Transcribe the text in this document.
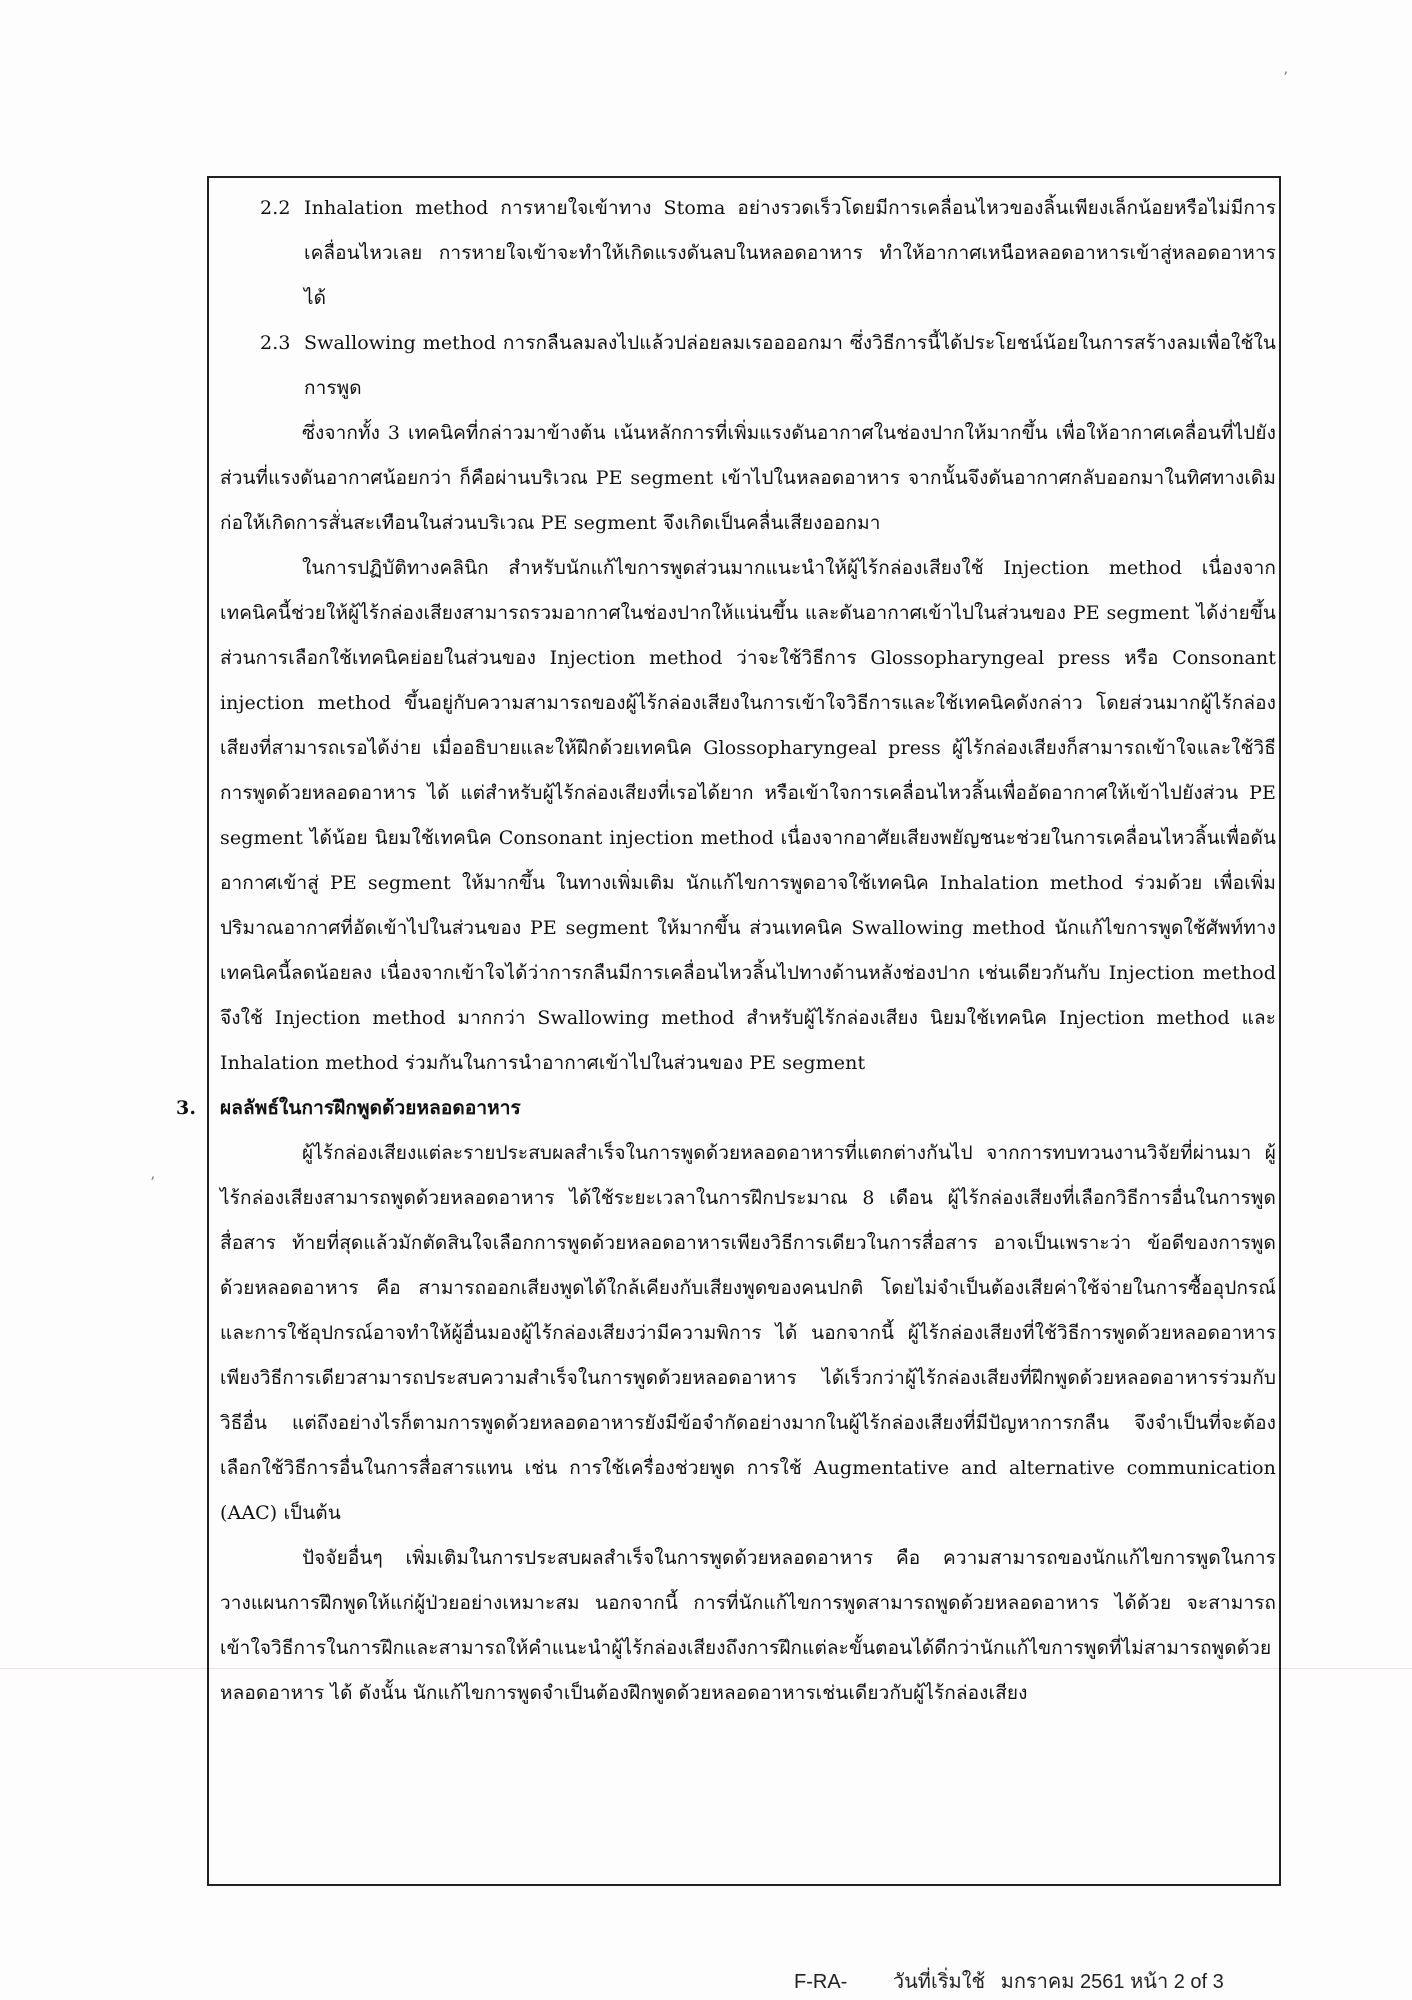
ʼ
ʼ
2.2 Inhalation method การหายใจเข้าทาง Stoma อย่างรวดเร็วโดยมีการเคลื่อนไหวของลิ้นเพียงเล็กน้อยหรือไม่มีการเคลื่อนไหวเลย การหายใจเข้าจะทำให้เกิดแรงดันลบในหลอดอาหาร ทำให้อากาศเหนือหลอดอาหารเข้าสู่หลอดอาหารได้
2.3 Swallowing method การกลืนลมลงไปแล้วปล่อยลมเรออออกมา ซึ่งวิธีการนี้ได้ประโยชน์น้อยในการสร้างลมเพื่อใช้ในการพูด

ซึ่งจากทั้ง 3 เทคนิคที่กล่าวมาข้างต้น เน้นหลักการที่เพิ่มแรงดันอากาศในช่องปากให้มากขึ้น เพื่อให้อากาศเคลื่อนที่ไปยังส่วนที่แรงดันอากาศน้อยกว่า ก็คือผ่านบริเวณ PE segment เข้าไปในหลอดอาหาร จากนั้นจึงดันอากาศกลับออกมาในทิศทางเดิมก่อให้เกิดการสั่นสะเทือนในส่วนบริเวณ PE segment จึงเกิดเป็นคลื่นเสียงออกมา

ในการปฏิบัติทางคลินิก สำหรับนักแก้ไขการพูดส่วนมากแนะนำให้ผู้ไร้กล่องเสียงใช้ Injection method เนื่องจากเทคนิคนี้ช่วยให้ผู้ไร้กล่องเสียงสามารถรวมอากาศในช่องปากให้แน่นขึ้น และดันอากาศเข้าไปในส่วนของ PE segment ได้ง่ายขึ้น ส่วนการเลือกใช้เทคนิคย่อยในส่วนของ Injection method ว่าจะใช้วิธีการ Glossopharyngeal press หรือ Consonant injection method ขึ้นอยู่กับความสามารถของผู้ไร้กล่องเสียงในการเข้าใจวิธีการและใช้เทคนิคดังกล่าว โดยส่วนมากผู้ไร้กล่องเสียงที่สามารถเรอได้ง่าย เมื่ออธิบายและให้ฝึกด้วยเทคนิค Glossopharyngeal press ผู้ไร้กล่องเสียงก็สามารถเข้าใจและใช้วิธีการพูดด้วยหลอดอาหาร ได้ แต่สำหรับผู้ไร้กล่องเสียงที่เรอได้ยาก หรือเข้าใจการเคลื่อนไหวลิ้นเพื่ออัดอากาศให้เข้าไปยังส่วน PE segment ได้น้อย นิยมใช้เทคนิค Consonant injection method เนื่องจากอาศัยเสียงพยัญชนะช่วยในการเคลื่อนไหวลิ้นเพื่อดันอากาศเข้าสู่ PE segment ให้มากขึ้น ในทางเพิ่มเติม นักแก้ไขการพูดอาจใช้เทคนิค Inhalation method ร่วมด้วย เพื่อเพิ่มปริมาณอากาศที่อัดเข้าไปในส่วนของ PE segment ให้มากขึ้น ส่วนเทคนิค Swallowing method นักแก้ไขการพูดใช้ศัพท์ทางเทคนิคนี้ลดน้อยลง เนื่องจากเข้าใจได้ว่าการกลืนมีการเคลื่อนไหวลิ้นไปทางด้านหลังช่องปาก เช่นเดียวกันกับ Injection method จึงใช้ Injection method มากกว่า Swallowing method สำหรับผู้ไร้กล่องเสียง นิยมใช้เทคนิค Injection method และ Inhalation method ร่วมกันในการนำอากาศเข้าไปในส่วนของ PE segment

3. ผลลัพธ์ในการฝึกพูดด้วยหลอดอาหาร

ผู้ไร้กล่องเสียงแต่ละรายประสบผลสำเร็จในการพูดด้วยหลอดอาหารที่แตกต่างกันไป จากการทบทวนงานวิจัยที่ผ่านมา ผู้ไร้กล่องเสียงสามารถพูดด้วยหลอดอาหาร ได้ใช้ระยะเวลาในการฝึกประมาณ 8 เดือน ผู้ไร้กล่องเสียงที่เลือกวิธีการอื่นในการพูดสื่อสาร ท้ายที่สุดแล้วมักตัดสินใจเลือกการพูดด้วยหลอดอาหารเพียงวิธีการเดียวในการสื่อสาร อาจเป็นเพราะว่า ข้อดีของการพูดด้วยหลอดอาหาร คือ สามารถออกเสียงพูดได้ใกล้เคียงกับเสียงพูดของคนปกติ โดยไม่จำเป็นต้องเสียค่าใช้จ่ายในการซื้ออุปกรณ์ และการใช้อุปกรณ์อาจทำให้ผู้อื่นมองผู้ไร้กล่องเสียงว่ามีความพิการ ได้ นอกจากนี้ ผู้ไร้กล่องเสียงที่ใช้วิธีการพูดด้วยหลอดอาหารเพียงวิธีการเดียวสามารถประสบความสำเร็จในการพูดด้วยหลอดอาหาร ได้เร็วกว่าผู้ไร้กล่องเสียงที่ฝึกพูดด้วยหลอดอาหารร่วมกับวิธีอื่น แต่ถึงอย่างไรก็ตามการพูดด้วยหลอดอาหารยังมีข้อจำกัดอย่างมากในผู้ไร้กล่องเสียงที่มีปัญหาการกลืน จึงจำเป็นที่จะต้องเลือกใช้วิธีการอื่นในการสื่อสารแทน เช่น การใช้เครื่องช่วยพูด การใช้ Augmentative and alternative communication (AAC) เป็นต้น

ปัจจัยอื่นๆ เพิ่มเติมในการประสบผลสำเร็จในการพูดด้วยหลอดอาหาร คือ ความสามารถของนักแก้ไขการพูดในการวางแผนการฝึกพูดให้แก่ผู้ป่วยอย่างเหมาะสม นอกจากนี้ การที่นักแก้ไขการพูดสามารถพูดด้วยหลอดอาหาร ได้ด้วย จะสามารถเข้าใจวิธีการในการฝึกและสามารถให้คำแนะนำผู้ไร้กล่องเสียงถึงการฝึกแต่ละขั้นตอนได้ดีกว่านักแก้ไขการพูดที่ไม่สามารถพูดด้วยหลอดอาหาร ได้ ดังนั้น นักแก้ไขการพูดจำเป็นต้องฝึกพูดด้วยหลอดอาหารเช่นเดียวกับผู้ไร้กล่องเสียง

F-RA- วันที่เริ่มใช้ มกราคม 2561 หน้า 2 of 3
